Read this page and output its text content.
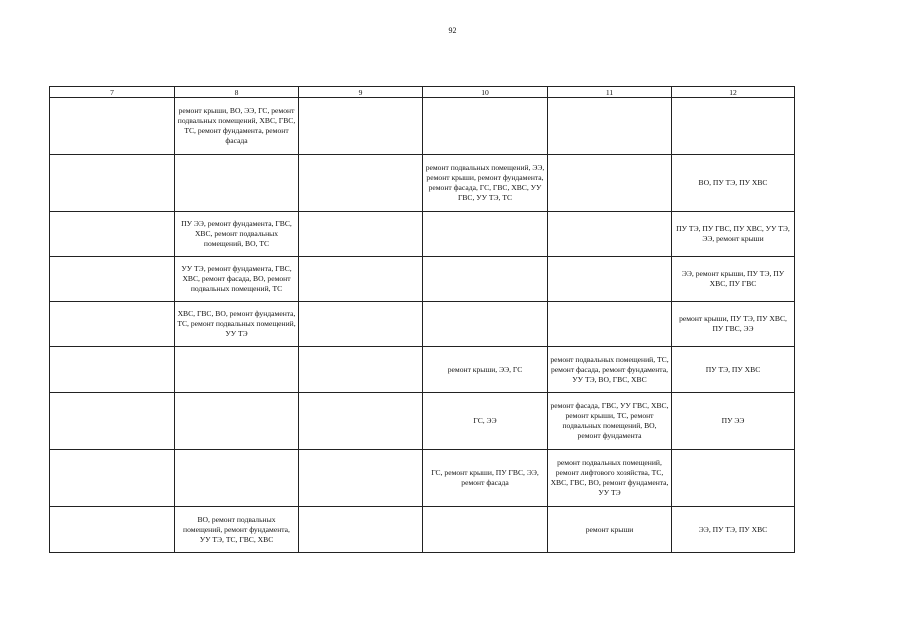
92
7	8	9	10	11	12
	ремонт крыши, ВО, ЭЭ, ГС, ремонт подвальных помещений, ХВС, ГВС, ТС, ремонт фундамента, ремонт фасада				
			ремонт подвальных помещений, ЭЭ, ремонт крыши, ремонт фундамента, ремонт фасада, ГС, ГВС, ХВС, УУ ГВС, УУ ТЭ, ТС		ВО, ПУ ТЭ, ПУ ХВС
	ПУ ЭЭ, ремонт фундамента, ГВС, ХВС, ремонт подвальных помещений, ВО, ТС				ПУ ТЭ, ПУ ГВС, ПУ ХВС, УУ ТЭ, ЭЭ, ремонт крыши
	УУ ТЭ, ремонт фундамента, ГВС, ХВС, ремонт фасада, ВО, ремонт подвальных помещений, ТС				ЭЭ, ремонт крыши, ПУ ТЭ, ПУ ХВС, ПУ ГВС
	ХВС, ГВС, ВО, ремонт фундамента, ТС, ремонт подвальных помещений, УУ ТЭ				ремонт крыши, ПУ ТЭ, ПУ ХВС, ПУ ГВС, ЭЭ
			ремонт крыши, ЭЭ, ГС	ремонт подвальных помещений, ТС, ремонт фасада, ремонт фундамента, УУ ТЭ, ВО, ГВС, ХВС	ПУ ТЭ, ПУ ХВС
			ГС, ЭЭ	ремонт фасада, ГВС, УУ ГВС, ХВС, ремонт крыши, ТС, ремонт подвальных помещений, ВО, ремонт фундамента	ПУ ЭЭ
			ГС, ремонт крыши, ПУ ГВС, ЭЭ, ремонт фасада	ремонт подвальных помещений, ремонт лифтового хозяйства, ТС, ХВС, ГВС, ВО, ремонт фундамента, УУ ТЭ	
	ВО, ремонт подвальных помещений, ремонт фундамента, УУ ТЭ, ТС, ГВС, ХВС			ремонт крыши	ЭЭ, ПУ ТЭ, ПУ ХВС
